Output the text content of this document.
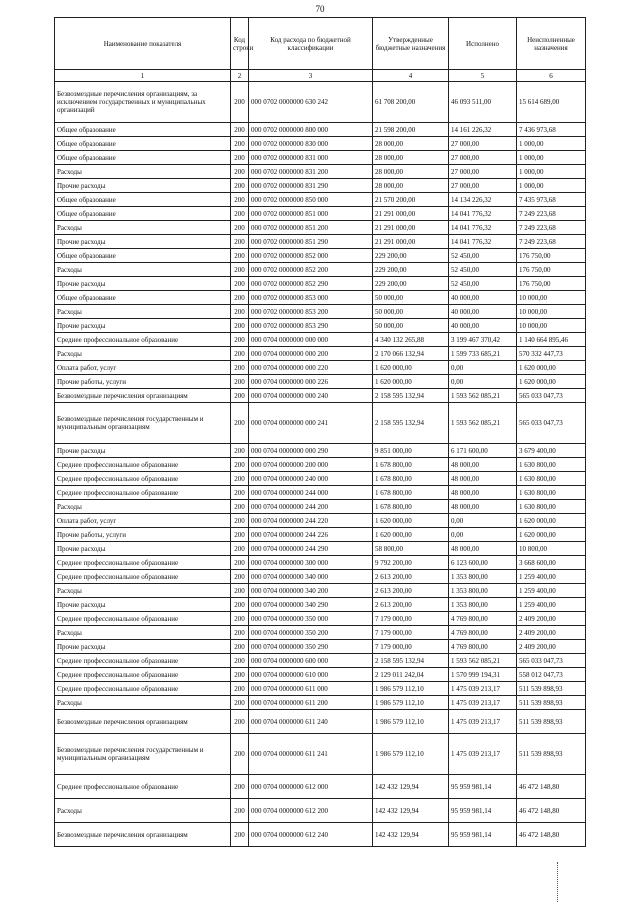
70
Наименование показателя	Код строки	Код расхода по бюджетной классификации	Утвержденные бюджетные назначения	Исполнено	Неисполненные назначения
1	2	3	4	5	6
Безвозмездные перечисления организациям, за исключением государственных и муниципальных организаций	200	000 0702 0000000 630 242	61 708 200,00	46 093 511,00	15 614 689,00
Общее образование	200	000 0702 0000000 800 000	21 598 200,00	14 161 226,32	7 436 973,68
Общее образование	200	000 0702 0000000 830 000	28 000,00	27 000,00	1 000,00
Общее образование	200	000 0702 0000000 831 000	28 000,00	27 000,00	1 000,00
Расходы	200	000 0702 0000000 831 200	28 000,00	27 000,00	1 000,00
Прочие расходы	200	000 0702 0000000 831 290	28 000,00	27 000,00	1 000,00
Общее образование	200	000 0702 0000000 850 000	21 570 200,00	14 134 226,32	7 435 973,68
Общее образование	200	000 0702 0000000 851 000	21 291 000,00	14 041 776,32	7 249 223,68
Расходы	200	000 0702 0000000 851 200	21 291 000,00	14 041 776,32	7 249 223,68
Прочие расходы	200	000 0702 0000000 851 290	21 291 000,00	14 041 776,32	7 249 223,68
Общее образование	200	000 0702 0000000 852 000	229 200,00	52 450,00	176 750,00
Расходы	200	000 0702 0000000 852 200	229 200,00	52 450,00	176 750,00
Прочие расходы	200	000 0702 0000000 852 290	229 200,00	52 450,00	176 750,00
Общее образование	200	000 0702 0000000 853 000	50 000,00	40 000,00	10 000,00
Расходы	200	000 0702 0000000 853 200	50 000,00	40 000,00	10 000,00
Прочие расходы	200	000 0702 0000000 853 290	50 000,00	40 000,00	10 000,00
Среднее профессиональное образование	200	000 0704 0000000 000 000	4 340 132 265,88	3 199 467 370,42	1 140 664 895,46
Расходы	200	000 0704 0000000 000 200	2 170 066 132,94	1 599 733 685,21	570 332 447,73
Оплата работ, услуг	200	000 0704 0000000 000 220	1 620 000,00	0,00	1 620 000,00
Прочие работы, услуги	200	000 0704 0000000 000 226	1 620 000,00	0,00	1 620 000,00
Безвозмездные перечисления организациям	200	000 0704 0000000 000 240	2 158 595 132,94	1 593 562 085,21	565 033 047,73
Безвозмездные перечисления государственным и муниципальным организациям	200	000 0704 0000000 000 241	2 158 595 132,94	1 593 562 085,21	565 033 047,73
Прочие расходы	200	000 0704 0000000 000 290	9 851 000,00	6 171 600,00	3 679 400,00
Среднее профессиональное образование	200	000 0704 0000000 200 000	1 678 800,00	48 000,00	1 630 800,00
Среднее профессиональное образование	200	000 0704 0000000 240 000	1 678 800,00	48 000,00	1 630 800,00
Среднее профессиональное образование	200	000 0704 0000000 244 000	1 678 800,00	48 000,00	1 630 800,00
Расходы	200	000 0704 0000000 244 200	1 678 800,00	48 000,00	1 630 800,00
Оплата работ, услуг	200	000 0704 0000000 244 220	1 620 000,00	0,00	1 620 000,00
Прочие работы, услуги	200	000 0704 0000000 244 226	1 620 000,00	0,00	1 620 000,00
Прочие расходы	200	000 0704 0000000 244 290	58 800,00	48 000,00	10 800,00
Среднее профессиональное образование	200	000 0704 0000000 300 000	9 792 200,00	6 123 600,00	3 668 600,00
Среднее профессиональное образование	200	000 0704 0000000 340 000	2 613 200,00	1 353 800,00	1 259 400,00
Расходы	200	000 0704 0000000 340 200	2 613 200,00	1 353 800,00	1 259 400,00
Прочие расходы	200	000 0704 0000000 340 290	2 613 200,00	1 353 800,00	1 259 400,00
Среднее профессиональное образование	200	000 0704 0000000 350 000	7 179 000,00	4 769 800,00	2 409 200,00
Расходы	200	000 0704 0000000 350 200	7 179 000,00	4 769 800,00	2 409 200,00
Прочие расходы	200	000 0704 0000000 350 290	7 179 000,00	4 769 800,00	2 409 200,00
Среднее профессиональное образование	200	000 0704 0000000 600 000	2 158 595 132,94	1 593 562 085,21	565 033 047,73
Среднее профессиональное образование	200	000 0704 0000000 610 000	2 129 011 242,04	1 570 999 194,31	558 012 047,73
Среднее профессиональное образование	200	000 0704 0000000 611 000	1 986 579 112,10	1 475 039 213,17	511 539 898,93
Расходы	200	000 0704 0000000 611 200	1 986 579 112,10	1 475 039 213,17	511 539 898,93
Безвозмездные перечисления организациям	200	000 0704 0000000 611 240	1 986 579 112,10	1 475 039 213,17	511 539 898,93
Безвозмездные перечисления государственным и муниципальным организациям	200	000 0704 0000000 611 241	1 986 579 112,10	1 475 039 213,17	511 539 898,93
Среднее профессиональное образование	200	000 0704 0000000 612 000	142 432 129,94	95 959 981,14	46 472 148,80
Расходы	200	000 0704 0000000 612 200	142 432 129,94	95 959 981,14	46 472 148,80
Безвозмездные перечисления организациям	200	000 0704 0000000 612 240	142 432 129,94	95 959 981,14	46 472 148,80
